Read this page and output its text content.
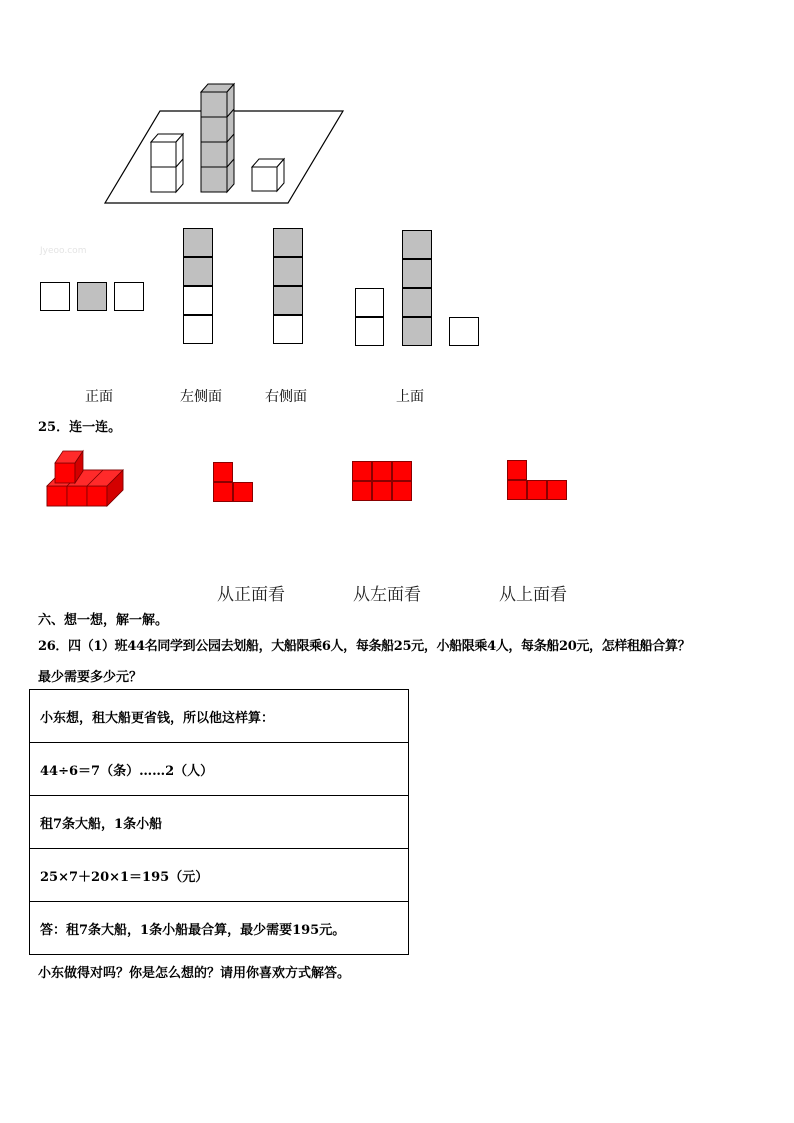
Jyeoo.com
正面	左侧面	右侧面	上面
25．连一连。
从正面看	从左面看	从上面看
六、想一想，解一解。
26．四（1）班44名同学到公园去划船，大船限乘6人，每条船25元，小船限乘4人，每条船20元，怎样租船合算？
最少需要多少元？
小东想，租大船更省钱，所以他这样算：
44÷6＝7（条）……2（人）
租7条大船，1条小船
25×7＋20×1＝195（元）
答：租7条大船，1条小船最合算，最少需要195元。
小东做得对吗？你是怎么想的？请用你喜欢方式解答。
